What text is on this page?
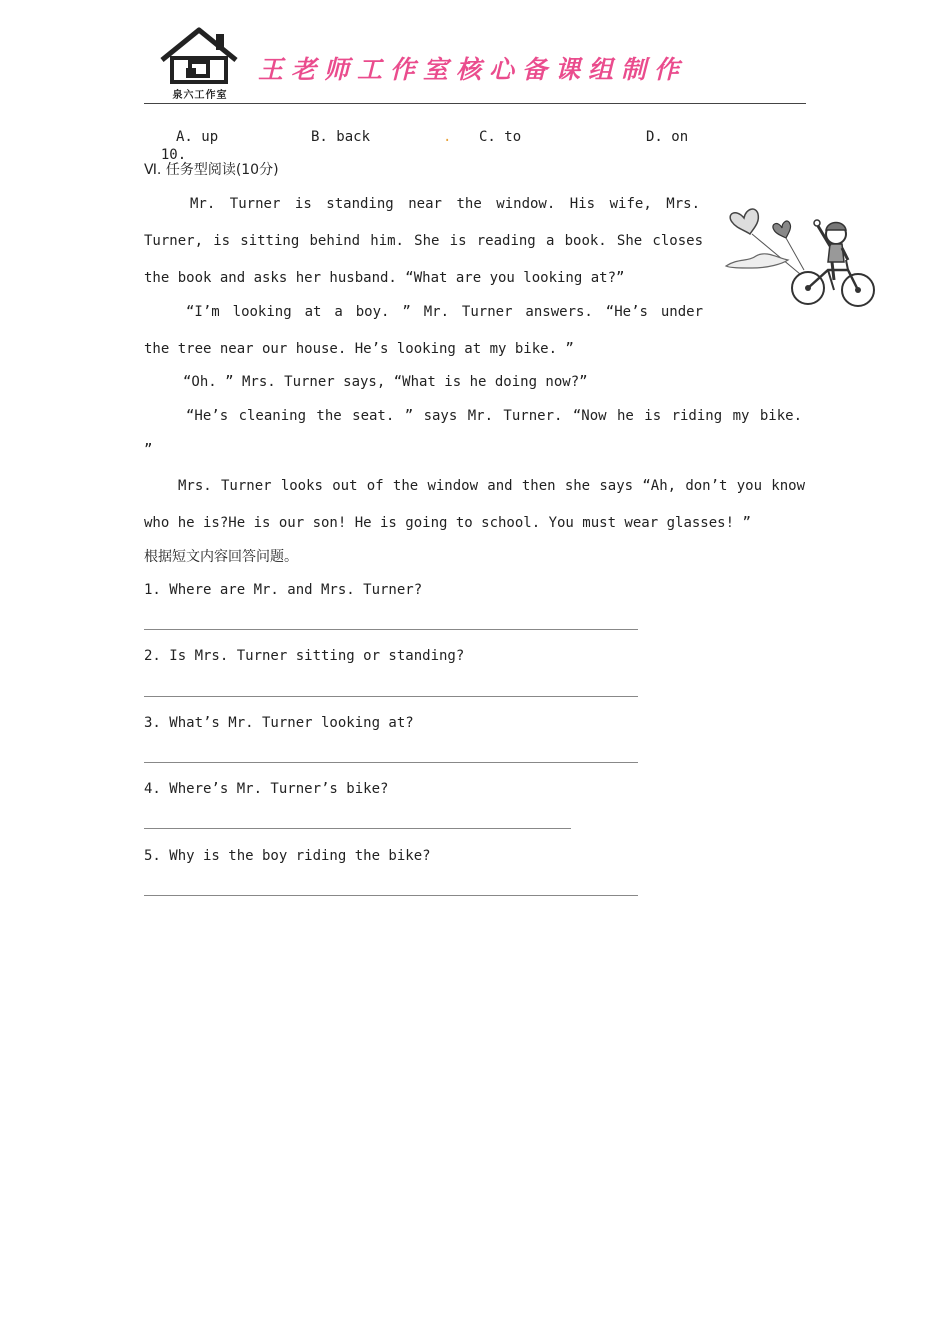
泉六工作室
王老师工作室核心备课组制作

10.

A. up	B. back	. C. to	D. on
Ⅵ. 任务型阅读(10分)
Mr. Turner is standing near the window. His wife, Mrs.
Turner, is sitting behind him. She is reading a book. She closes
the book and asks her husband. “What are you looking at?”
“I’m looking at a boy. ” Mr. Turner answers. “He’s under
the tree near our house. He’s looking at my bike. ”
“Oh. ” Mrs. Turner says, “What is he doing now?”
“He’s cleaning the seat. ” says Mr. Turner. “Now he is riding my bike.
”
Mrs. Turner looks out of the window and then she says “Ah, don’t you know
who he is?He is our son! He is going to school. You must wear glasses! ”
根据短文内容回答问题。
1. Where are Mr. and Mrs. Turner?
2. Is Mrs. Turner sitting or standing?
3. What’s Mr. Turner looking at?
4. Where’s Mr. Turner’s bike?
5. Why is the boy riding the bike?
